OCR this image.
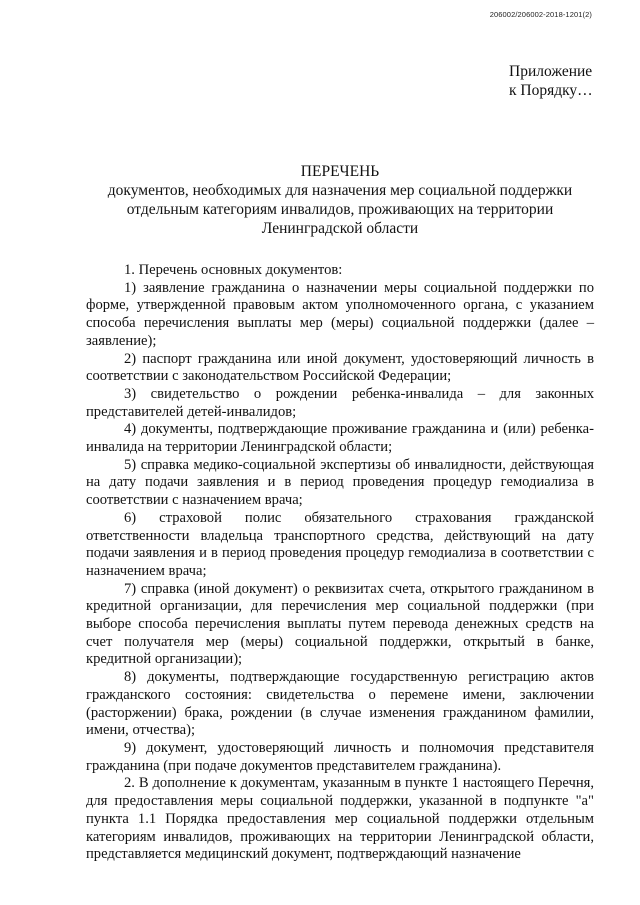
206002/206002-2018-1201(2)
Приложение
к Порядку…
ПЕРЕЧЕНЬ
документов, необходимых для назначения мер социальной поддержки
отдельным категориям инвалидов, проживающих на территории
Ленинградской области

1. Перечень основных документов:

1) заявление гражданина о назначении меры социальной поддержки по форме, утвержденной правовым актом уполномоченного органа, с указанием способа перечисления выплаты мер (меры) социальной поддержки (далее – заявление);

2) паспорт гражданина или иной документ, удостоверяющий личность в соответствии с законодательством Российской Федерации;

3) свидетельство о рождении ребенка-инвалида – для законных представителей детей-инвалидов;

4) документы, подтверждающие проживание гражданина и (или) ребенка-инвалида на территории Ленинградской области;

5) справка медико-социальной экспертизы об инвалидности, действующая на дату подачи заявления и в период проведения процедур гемодиализа в соответствии с назначением врача;

6) страховой полис обязательного страхования гражданской ответственности владельца транспортного средства, действующий на дату подачи заявления и в период проведения процедур гемодиализа в соответствии с назначением врача;

7) справка (иной документ) о реквизитах счета, открытого гражданином в кредитной организации, для перечисления мер социальной поддержки (при выборе способа перечисления выплаты путем перевода денежных средств на счет получателя мер (меры) социальной поддержки, открытый в банке, кредитной организации);

8) документы, подтверждающие государственную регистрацию актов гражданского состояния: свидетельства о перемене имени, заключении (расторжении) брака, рождении (в случае изменения гражданином фамилии, имени, отчества);

9) документ, удостоверяющий личность и полномочия представителя гражданина (при подаче документов представителем гражданина).

2. В дополнение к документам, указанным в пункте 1 настоящего Перечня, для предоставления меры социальной поддержки, указанной в подпункте "а" пункта 1.1 Порядка предоставления мер социальной поддержки отдельным категориям инвалидов, проживающих на территории Ленинградской области, представляется медицинский документ, подтверждающий назначение
